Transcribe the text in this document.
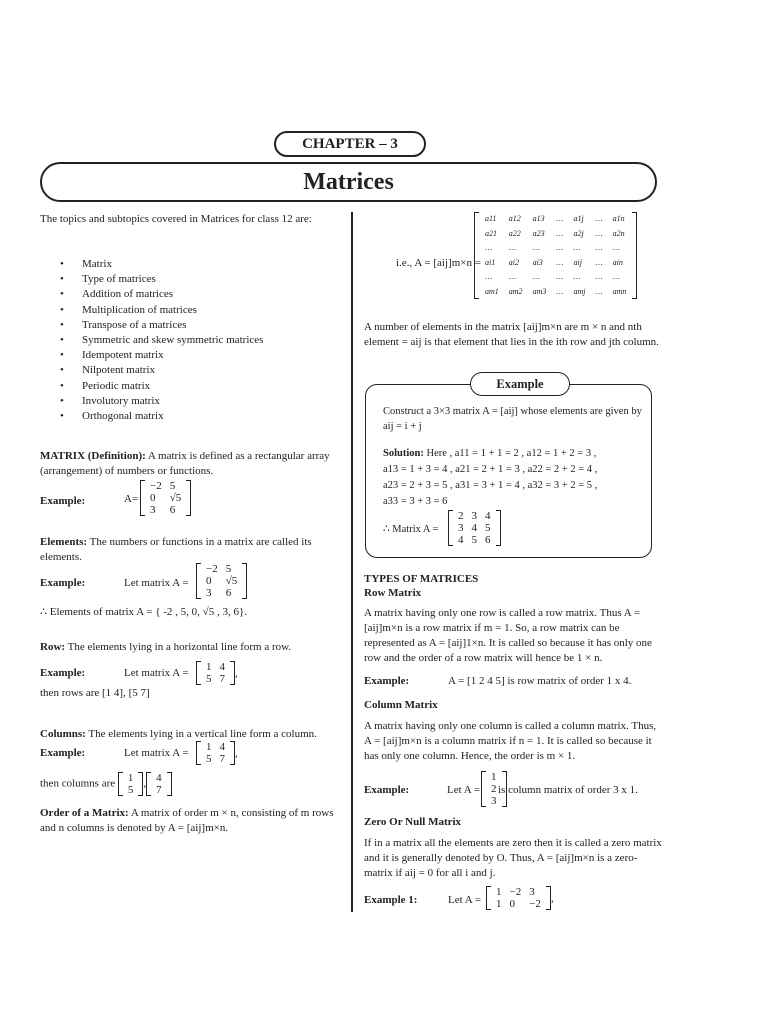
CHAPTER – 3
Matrices
The topics and subtopics covered in Matrices for class 12 are:
• Matrix
• Type of matrices
• Addition of matrices
• Multiplication of matrices
• Transpose of a matrices
• Symmetric and skew symmetric matrices
• Idempotent matrix
• Nilpotent matrix
• Periodic matrix
• Involutory matrix
• Orthogonal matrix
MATRIX (Definition): A matrix is defined as a rectangular array (arrangement) of numbers or functions.
Example:	A=
−2	5
0	√5
3	6
Elements: The numbers or functions in a matrix are called its elements.
Example:	Let matrix A =
−2	5
0	√5
3	6
∴ Elements of matrix A = { -2 , 5, 0, √5 , 3, 6}.
Row: The elements lying in a horizontal line form a row.
Example:	Let matrix A = 1	4
5	7 ,
then rows are [1 4], [5 7]
Columns: The elements lying in a vertical line form a column.
Example:	Let matrix A = 1	4
5	7 ,
then columns are 1
5
, 4
7
Order of a Matrix: A matrix of order m × n, consisting of m rows and n columns is denoted by A = [aij]m×n.
i.e., A = [aij]m×n =
a11	a12	a13	…	a1j	…	a1n
a21	a22	a23	…	a2j	…	a2n
…	…	…	…	…	…	…
ai1	ai2	ai3	…	aij	…	ain
…	…	…	…	…	…	…
am1	am2	am3	…	amj	…	amn
A number of elements in the matrix [aij]m×n are m × n and nth element = aij is that element that lies in the ith row and jth column.
Example
Construct a 3×3 matrix A = [aij] whose elements are given by aij = i + j
Solution: Here , a11 = 1 + 1 = 2 , a12 = 1 + 2 = 3 ,
a13 = 1 + 3 = 4 , a21 = 2 + 1 = 3 , a22 = 2 + 2 = 4 ,
a23 = 2 + 3 = 5 , a31 = 3 + 1 = 4 , a32 = 3 + 2 = 5 ,
a33 = 3 + 3 = 6
∴ Matrix A =
2	3	4
3	4	5
4	5	6
TYPES OF MATRICES
Row Matrix
A matrix having only one row is called a row matrix. Thus A = [aij]m×n is a row matrix if m = 1. So, a row matrix can be represented as A = [aij]1×n. It is called so because it has only one row and the order of a row matrix will hence be 1 × n.
Example:	A = [1 2 4 5] is row matrix of order 1 x 4.
Column Matrix
A matrix having only one column is called a column matrix. Thus, A = [aij]m×n is a column matrix if n = 1. It is called so because it has only one column. Hence, the order is m × 1.
Example:	Let A =
1
2
3
is column matrix of order 3 x 1.
Zero Or Null Matrix
If in a matrix all the elements are zero then it is called a zero matrix and it is generally denoted by O. Thus, A = [aij]m×n is a zero-matrix if aij = 0 for all i and j.
Example 1:	Let A =
1	−2	3
1	0	−2 ,
